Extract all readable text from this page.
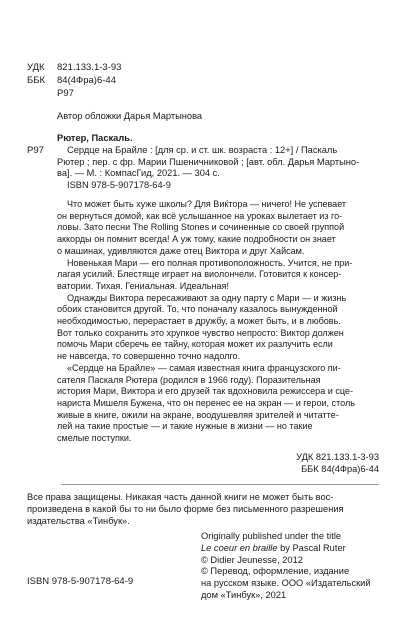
УДК 821.133.1-3-93
ББК 84(4Фра)6-44
Р97
Автор обложки Дарья Мартынова
Р97

Рютер, Паскаль.

Сердце на Брайле : [для ср. и ст. шк. возраста : 12+] / Паскаль

Рютер ; пер. с фр. Марии Пшеничниковой ; [авт. обл. Дарья Мартыно-

ва]. — М. : КомпасГид, 2021. — 304 с.

ISBN 978-5-907178-64-9

Что может быть хуже школы? Для Виќтора — ничего! Не успевает

он вернуться домой, как всё услышанное на уроках вылетает из го-

ловы. Зато песни The Rolling Stones и сочиненные со своей группой

аккорды он помнит всегда! А уж тому, какие подробности он знает

о машинах, удивляются даже отец Виктора и друг Хайсам.

Новенькая Мари — его полная противоположность. Учится, не при-

лагая усилий. Блестяще играет на виолончели. Готовится к консер-

ватории. Тихая. Гениальная. Идеальная!

Однажды Виктора пересаживают за одну парту с Мари — и жизнь

обоих становится другой. То, что поначалу казалось вынужденной

необходимостью, перерастает в дружбу, а может быть, и в любовь.

Вот только сохранить это хрупкое чувство непросто: Виктор должен

помочь Мари сберечь ее тайну, которая может их разлучить если

не навсегда, то совершенно точно надолго.

«Сердце на Брайле» — самая известная книга французского пи-

сателя Паскаля Рютера (родился в 1966 году). Поразительная

история Мари, Виктора и его друзей так вдохновила режиссера и сце-

нариста Мишеля Бужена, что он перенес ее на экран — и герои, столь

живые в книге, ожили на экране, воодушевляя зрителей и читатте-

лей на такие простые — и такие нужные в жизни — но такие

смелые поступки.

УДК 821.133.1-3-93

ББК 84(4Фра)6-44

Все права защищены. Никакая часть данной книги не может быть вос-

произведена в какой бы то ни было форме без письменного разрешения

издательства «Тинбук».

Originally published under the title

Le coeur en braille by Pascal Ruter

© Didier Jeunesse, 2012

© Перевод, оформление, издание

на русском языке. ООО «Издательский

дом «Тинбук», 2021

ISBN 978-5-907178-64-9
